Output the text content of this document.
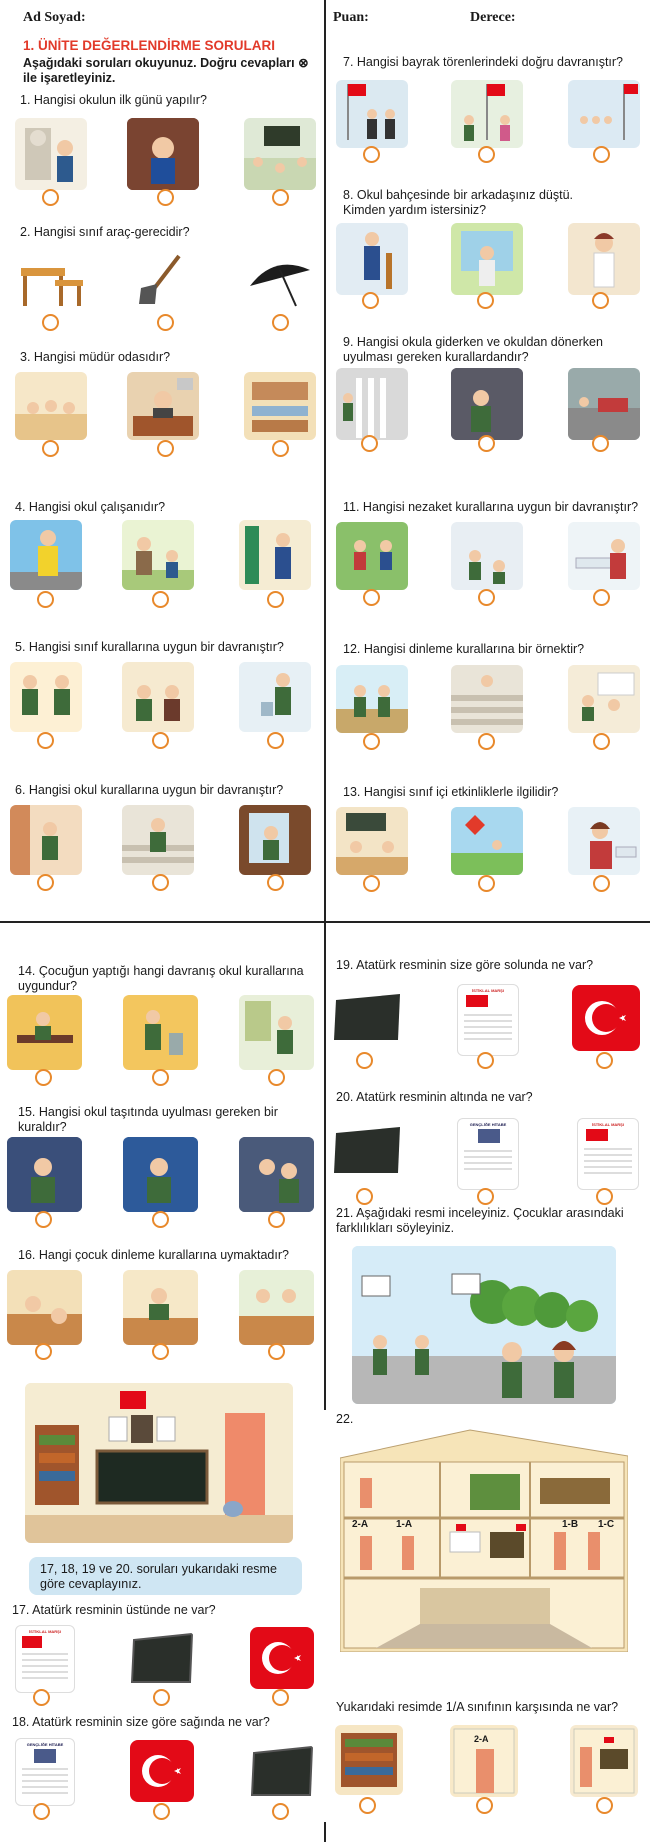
Ad Soyad:	Puan:	Derece:
1. ÜNİTE DEĞERLENDİRME SORULARI
Aşağıdaki soruları okuyunuz. Doğru cevapları ⊗ ile işaretleyiniz.
1. Hangisi okulun ilk günü yapılır?
2. Hangisi sınıf araç-gerecidir?
3. Hangisi müdür odasıdır?
4. Hangisi okul çalışanıdır?
5. Hangisi sınıf kurallarına uygun bir davranıştır?
6. Hangisi okul kurallarına uygun bir davranıştır?
7. Hangisi bayrak törenlerindeki doğru davranıştır?
8. Okul bahçesinde bir arkadaşınız düştü. Kimden yardım istersiniz?
9. Hangisi okula giderken ve okuldan dönerken uyulması gereken kurallardandır?
11. Hangisi nezaket kurallarına uygun bir davranıştır?
12. Hangisi dinleme kurallarına bir örnektir?
13. Hangisi sınıf içi etkinliklerle ilgilidir?
14. Çocuğun yaptığı hangi davranış okul kurallarına uygundur?
15. Hangisi okul taşıtında uyulması gereken bir kuraldır?
16. Hangi çocuk dinleme kurallarına uymaktadır?
17, 18, 19 ve 20. soruları yukarıdaki resme göre cevaplayınız.
17. Atatürk resminin üstünde ne var?
İSTİKLAL MARŞI
18. Atatürk resminin size göre sağında ne var?
GENÇLİĞE HİTABE
19. Atatürk resminin size göre solunda ne var?
İSTİKLAL MARŞI
20. Atatürk resminin altında ne var?
GENÇLİĞE HİTABE	İSTİKLAL MARŞI
21. Aşağıdaki resmi inceleyiniz. Çocuklar arasındaki farklılıkları söyleyiniz.
22.
2-A	1-A	1-B 1-C
Yukarıdaki resimde 1/A sınıfının karşısında ne var?
2-A
